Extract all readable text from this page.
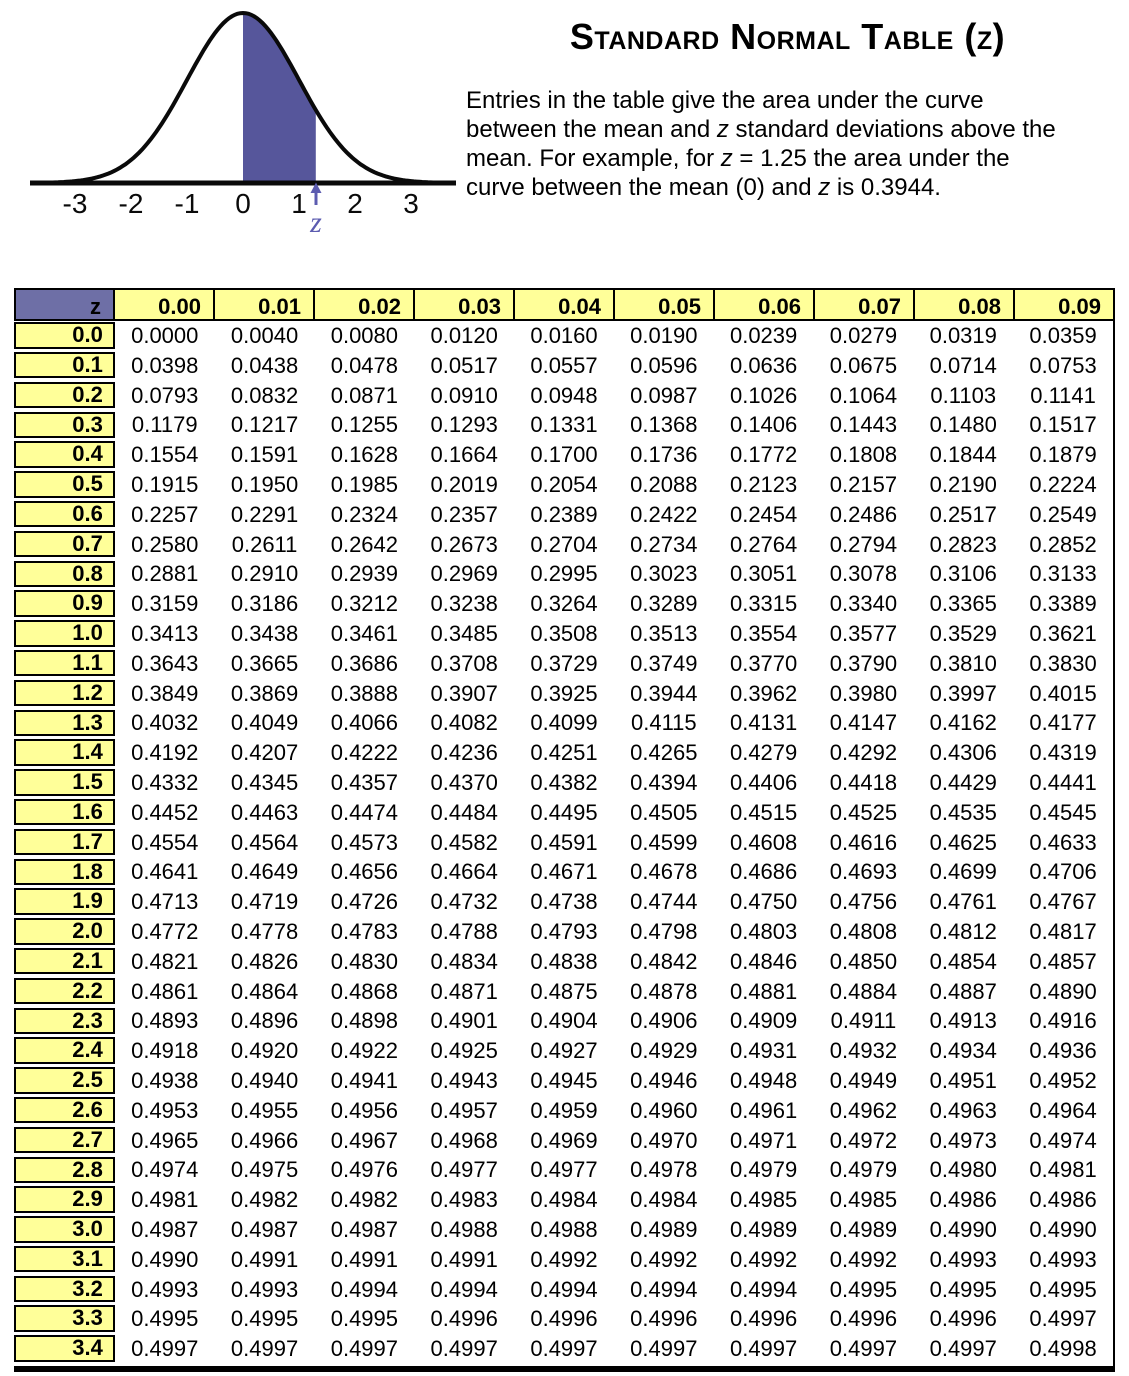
-3 -2 -1 0 1 2 3
z
Standard Normal Table (z)
Entries in the table give the area under the curve between the mean and z standard deviations above the mean. For example, for z = 1.25 the area under the curve between the mean (0) and z is 0.3944.
z	0.00	0.01	0.02	0.03	0.04	0.05	0.06	0.07	0.08	0.09
0.0	0.0000	0.0040	0.0080	0.0120	0.0160	0.0190	0.0239	0.0279	0.0319	0.0359
0.1	0.0398	0.0438	0.0478	0.0517	0.0557	0.0596	0.0636	0.0675	0.0714	0.0753
0.2	0.0793	0.0832	0.0871	0.0910	0.0948	0.0987	0.1026	0.1064	0.1103	0.1141
0.3	0.1179	0.1217	0.1255	0.1293	0.1331	0.1368	0.1406	0.1443	0.1480	0.1517
0.4	0.1554	0.1591	0.1628	0.1664	0.1700	0.1736	0.1772	0.1808	0.1844	0.1879
0.5	0.1915	0.1950	0.1985	0.2019	0.2054	0.2088	0.2123	0.2157	0.2190	0.2224
0.6	0.2257	0.2291	0.2324	0.2357	0.2389	0.2422	0.2454	0.2486	0.2517	0.2549
0.7	0.2580	0.2611	0.2642	0.2673	0.2704	0.2734	0.2764	0.2794	0.2823	0.2852
0.8	0.2881	0.2910	0.2939	0.2969	0.2995	0.3023	0.3051	0.3078	0.3106	0.3133
0.9	0.3159	0.3186	0.3212	0.3238	0.3264	0.3289	0.3315	0.3340	0.3365	0.3389
1.0	0.3413	0.3438	0.3461	0.3485	0.3508	0.3513	0.3554	0.3577	0.3529	0.3621
1.1	0.3643	0.3665	0.3686	0.3708	0.3729	0.3749	0.3770	0.3790	0.3810	0.3830
1.2	0.3849	0.3869	0.3888	0.3907	0.3925	0.3944	0.3962	0.3980	0.3997	0.4015
1.3	0.4032	0.4049	0.4066	0.4082	0.4099	0.4115	0.4131	0.4147	0.4162	0.4177
1.4	0.4192	0.4207	0.4222	0.4236	0.4251	0.4265	0.4279	0.4292	0.4306	0.4319
1.5	0.4332	0.4345	0.4357	0.4370	0.4382	0.4394	0.4406	0.4418	0.4429	0.4441
1.6	0.4452	0.4463	0.4474	0.4484	0.4495	0.4505	0.4515	0.4525	0.4535	0.4545
1.7	0.4554	0.4564	0.4573	0.4582	0.4591	0.4599	0.4608	0.4616	0.4625	0.4633
1.8	0.4641	0.4649	0.4656	0.4664	0.4671	0.4678	0.4686	0.4693	0.4699	0.4706
1.9	0.4713	0.4719	0.4726	0.4732	0.4738	0.4744	0.4750	0.4756	0.4761	0.4767
2.0	0.4772	0.4778	0.4783	0.4788	0.4793	0.4798	0.4803	0.4808	0.4812	0.4817
2.1	0.4821	0.4826	0.4830	0.4834	0.4838	0.4842	0.4846	0.4850	0.4854	0.4857
2.2	0.4861	0.4864	0.4868	0.4871	0.4875	0.4878	0.4881	0.4884	0.4887	0.4890
2.3	0.4893	0.4896	0.4898	0.4901	0.4904	0.4906	0.4909	0.4911	0.4913	0.4916
2.4	0.4918	0.4920	0.4922	0.4925	0.4927	0.4929	0.4931	0.4932	0.4934	0.4936
2.5	0.4938	0.4940	0.4941	0.4943	0.4945	0.4946	0.4948	0.4949	0.4951	0.4952
2.6	0.4953	0.4955	0.4956	0.4957	0.4959	0.4960	0.4961	0.4962	0.4963	0.4964
2.7	0.4965	0.4966	0.4967	0.4968	0.4969	0.4970	0.4971	0.4972	0.4973	0.4974
2.8	0.4974	0.4975	0.4976	0.4977	0.4977	0.4978	0.4979	0.4979	0.4980	0.4981
2.9	0.4981	0.4982	0.4982	0.4983	0.4984	0.4984	0.4985	0.4985	0.4986	0.4986
3.0	0.4987	0.4987	0.4987	0.4988	0.4988	0.4989	0.4989	0.4989	0.4990	0.4990
3.1	0.4990	0.4991	0.4991	0.4991	0.4992	0.4992	0.4992	0.4992	0.4993	0.4993
3.2	0.4993	0.4993	0.4994	0.4994	0.4994	0.4994	0.4994	0.4995	0.4995	0.4995
3.3	0.4995	0.4995	0.4995	0.4996	0.4996	0.4996	0.4996	0.4996	0.4996	0.4997
3.4	0.4997	0.4997	0.4997	0.4997	0.4997	0.4997	0.4997	0.4997	0.4997	0.4998
